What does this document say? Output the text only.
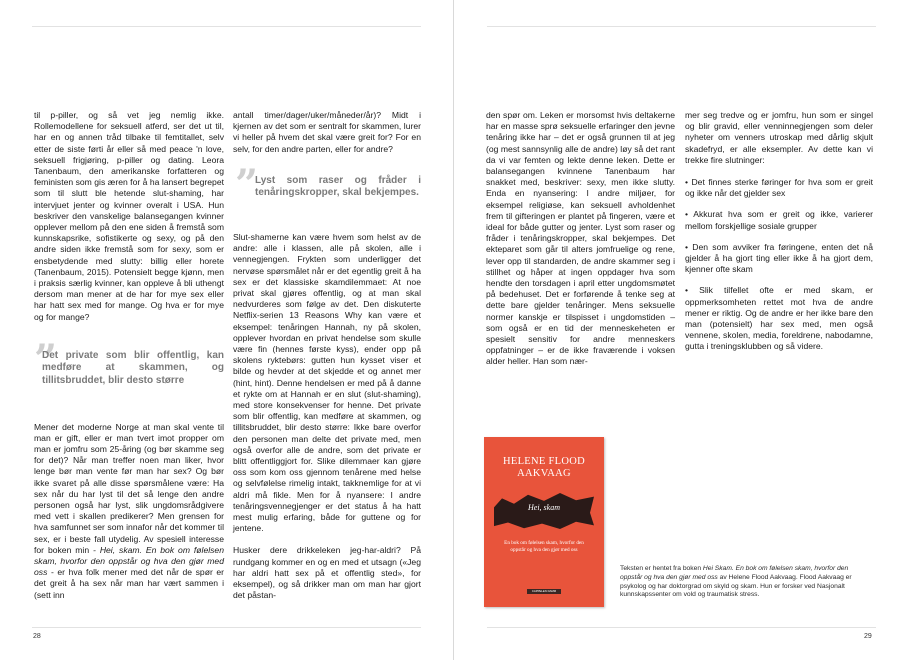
til p-piller, og så vet jeg nemlig ikke. Rollemodellene for seksuell atferd, ser det ut til, har en og annen tråd tilbake til femtitallet, selv etter de siste førti år eller så med peace 'n love, seksuell frigjøring, p-piller og dating. Leora Tanenbaum, den amerikanske forfatteren og feministen som gis æren for å ha lansert begrepet som til slutt ble hetende slut-shaming, har intervjuet jenter og kvinner overalt i USA. Hun beskriver den vanskelige balansegangen kvinner opplever mellom på den ene siden å fremstå som kunnskapsrike, sofistikerte og sexy, og på den andre siden ikke fremstå som for sexy, som er ensbetydende med slutty: billig eller horete (Tanenbaum, 2015). Potensielt begge kjønn, men i praksis særlig kvinner, kan oppleve å bli uthengt dersom man mener at de har for mye sex eller har hatt sex med for mange. Og hva er for mye og for mange?

”
Det private som blir offentlig, kan medføre at skammen, og tillitsbruddet, blir desto større

Mener det moderne Norge at man skal vente til man er gift, eller er man tvert imot propper om man er jomfru som 25-åring (og bør skamme seg for det)? Når man treffer noen man liker, hvor lenge bør man vente før man har sex? Og bør ikke svaret på alle disse spørsmålene være: Ha sex når du har lyst til det så lenge den andre personen også har lyst, slik ungdomsrådgivere med vett i skallen predikerer? Men grensen for hva samfunnet ser som innafor når det kommer til sex, er i beste fall utydelig. Av spesiell interesse for boken min - Hei, skam. En bok om følelsen skam, hvorfor den oppstår og hva den gjør med oss - er hva folk mener med det når de spør er det greit å ha sex når man har vært sammen i (sett inn

antall timer/dager/uker/måneder/år)? Midt i kjernen av det som er sentralt for skammen, lurer vi heller på hvem det skal være greit for? For en selv, for den andre parten, eller for andre?

”
Lyst som raser og fråder i tenåringskropper, skal bekjempes.

Slut-shamerne kan være hvem som helst av de andre: alle i klassen, alle på skolen, alle i vennegjengen. Frykten som underligger det nervøse spørsmålet når er det egentlig greit å ha sex er det klassiske skamdilemmaet: At noe privat skal gjøres offentlig, og at man skal nedvurderes som følge av det. Den diskuterte Netflix-serien 13 Reasons Why kan være et eksempel: tenåringen Hannah, ny på skolen, opplever hvordan en privat hendelse som skulle være fin (hennes første kyss), ender opp på skolens ryktebørs: gutten hun kysset viser et bilde og hevder at det skjedde et og annet mer (hint, hint). Denne hendelsen er med på å danne et rykte om at Hannah er en slut (slut-shaming), med store konsekvenser for henne. Det private som blir offentlig, kan medføre at skammen, og tillitsbruddet, blir desto større: Ikke bare overfor den personen man delte det private med, men også overfor alle de andre, som det private er blitt offentliggjort for. Slike dilemmaer kan gjøre oss som kom oss gjennom tenårene med helse og selvfølelse rimelig intakt, takknemlige for at vi aldri må fikle. Men for å nyansere: I andre tenåringsvennegjenger er det status å ha hatt mest mulig erfaring, både for guttene og for jentene.

Husker dere drikkeleken jeg-har-aldri? På rundgang kommer en og en med et utsagn («Jeg har aldri hatt sex på et offentlig sted», for eksempel), og så drikker man om man har gjort det påstan-

den spør om. Leken er morsomst hvis deltakerne har en masse sprø seksuelle erfaringer den jevne tenåring ikke har – det er også grunnen til at jeg (og mest sannsynlig alle de andre) løy så det rant da vi var femten og lekte denne leken. Dette er balansegangen kvinnene Tanenbaum har snakket med, beskriver: sexy, men ikke slutty. Enda en nyansering: I andre miljøer, for eksempel religiøse, kan seksuell avholdenhet frem til gifteringen er plantet på fingeren, være et ideal for både gutter og jenter. Lyst som raser og fråder i tenåringskropper, skal bekjempes. Det ekteparet som går til alters jomfruelige og rene, lever opp til standarden, de andre skammer seg i stillhet og håper at ingen oppdager hva som hendte den torsdagen i april etter ungdomsmøtet på bedehuset. Det er forførende å tenke seg at dette bare gjelder tenåringer. Mens seksuelle normer kanskje er tilspisset i ungdomstiden – som også er en tid der menneskeheten er spesielt sensitiv for andre menneskers oppfatninger – er de ikke fraværende i voksen alder heller. Han som nær-

mer seg tredve og er jomfru, hun som er singel og blir gravid, eller venninnegjengen som deler nyheter om venners utroskap med dårlig skjult skadefryd, er alle eksempler. Av dette kan vi trekke fire slutninger:

• Det finnes sterke føringer for hva som er greit og ikke når det gjelder sex
• Akkurat hva som er greit og ikke, varierer mellom forskjellige sosiale grupper
• Den som avviker fra føringene, enten det nå gjelder å ha gjort ting eller ikke å ha gjort dem, kjenner ofte skam
• Slik tilfellet ofte er med skam, er oppmerksomheten rettet mot hva de andre mener er riktig. Og de andre er her ikke bare den man (potensielt) har sex med, men også vennene, skolen, media, foreldrene, nabodamne, gutta i treningsklubben og så videre.
HELENE FLOOD AAKVAAG
Hei, skam
En bok om følelsen skam, hvorfor den oppstår og hva den gjør med oss
CAPPELEN DAMM
Teksten er hentet fra boken Hei Skam. En bok om følelsen skam, hvorfor den oppstår og hva den gjør med oss av Helene Flood Aakvaag. Flood Aakvaag er psykolog og har doktorgrad om skyld og skam. Hun er forsker ved Nasjonalt kunnskapssenter om vold og traumatisk stress.
28	29
